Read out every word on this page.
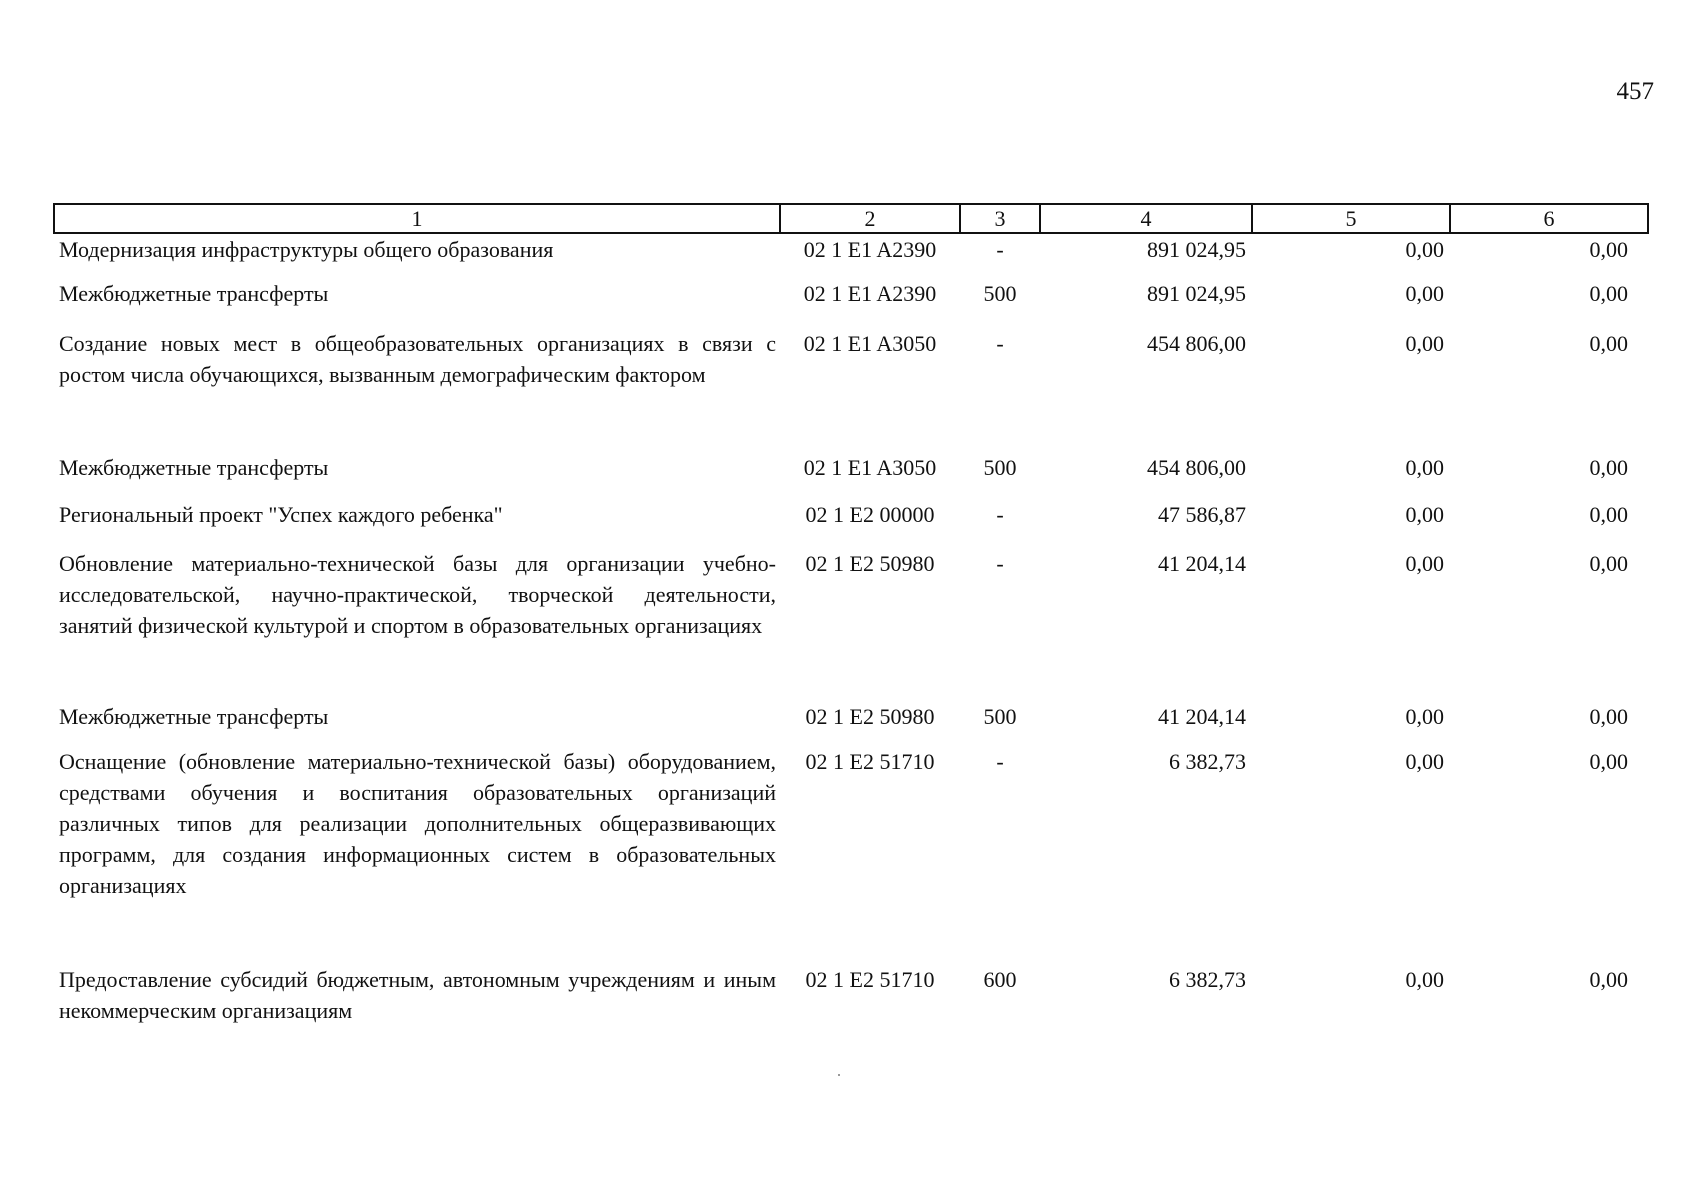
457
1	2	3	4	5	6
Модернизация инфраструктуры общего образования	02 1 E1 A2390	-	891 024,95	0,00	0,00
Межбюджетные трансферты	02 1 E1 A2390	500	891 024,95	0,00	0,00
Создание новых мест в общеобразовательных организациях в связи с ростом числа обучающихся, вызванным демографическим фактором	02 1 E1 A3050	-	454 806,00	0,00	0,00
Межбюджетные трансферты	02 1 E1 A3050	500	454 806,00	0,00	0,00
Региональный проект "Успех каждого ребенка"	02 1 E2 00000	-	47 586,87	0,00	0,00
Обновление материально-технической базы для организации учебно-исследовательской, научно-практической, творческой деятельности, занятий физической культурой и спортом в образовательных организациях	02 1 E2 50980	-	41 204,14	0,00	0,00
Межбюджетные трансферты	02 1 E2 50980	500	41 204,14	0,00	0,00
Оснащение (обновление материально-технической базы) оборудованием, средствами обучения и воспитания образовательных организаций различных типов для реализации дополнительных общеразвивающих программ, для создания информационных систем в образовательных организациях	02 1 E2 51710	-	6 382,73	0,00	0,00
Предоставление субсидий бюджетным, автономным учреждениям и иным некоммерческим организациям	02 1 E2 51710	600	6 382,73	0,00	0,00
